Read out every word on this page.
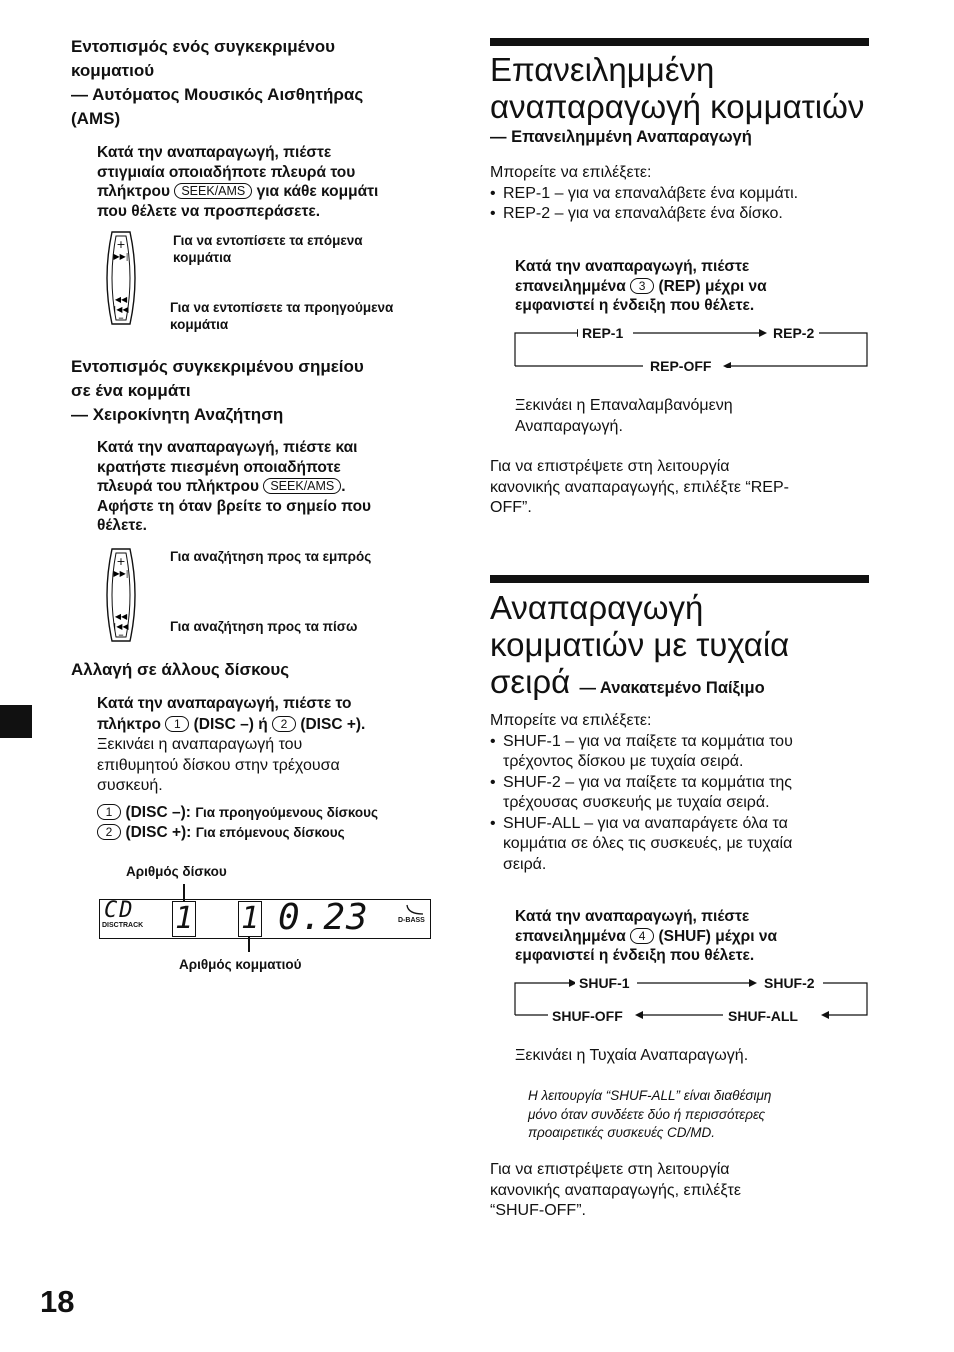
Εντοπισμός ενός συγκεκριμένου

κομματιού

— Αυτόματος Μουσικός Αισθητήρας

(AMS)

Κατά την αναπαραγωγή, πιέστε

στιγμιαία οποιαδήποτε πλευρά του

πλήκτρου SEEK/AMS για κάθε κομμάτι

που θέλετε να προσπεράσετε.

+
▶▶|
◀◀
|◀◀
–

Για να εντοπίσετε τα επόμενα

κομμάτια

Για να εντοπίσετε τα προηγούμενα

κομμάτια

Εντοπισμός συγκεκριμένου σημείου

σε ένα κομμάτι

— Χειροκίνητη Αναζήτηση

Κατά την αναπαραγωγή, πιέστε και

κρατήστε πιεσμένη οποιαδήποτε

πλευρά του πλήκτρου SEEK/AMS .

Αφήστε τη όταν βρείτε το σημείο που

θέλετε.

+
▶▶|
◀◀
|◀◀
–
Για αναζήτηση προς τα εμπρός
Για αναζήτηση προς τα πίσω
Αλλαγή σε άλλους δίσκους

Κατά την αναπαραγωγή, πιέστε το

πλήκτρο 1 (DISC –) ή 2 (DISC +).

Ξεκινάει η αναπαραγωγή του

επιθυμητού δίσκου στην τρέχουσα

συσκευή.

1 (DISC –): Για προηγούμενους δίσκους

2 (DISC +): Για επόμενους δίσκους

Αριθμός δίσκου
CD
DISCTRACK 1 1 0.23	D-BASS
Αριθμός κομματιού

Επανειλημμένη

αναπαραγωγή κομματιών

— Επανειλημμένη Αναπαραγωγή

Μπορείτε να επιλέξετε:

• REP-1 – για να επαναλάβετε ένα κομμάτι.
• REP-2 – για να επαναλάβετε ένα δίσκο.

Κατά την αναπαραγωγή, πιέστε

επανειλημμένα 3 (REP) μέχρι να

εμφανιστεί η ένδειξη που θέλετε.

REP-1	REP-2
REP-OFF

Ξεκινάει η Επαναλαμβανόμενη

Αναπαραγωγή.

Για να επιστρέψετε στη λειτουργία

κανονικής αναπαραγωγής, επιλέξτε “REP-

OFF”.

Αναπαραγωγή

κομματιών με τυχαία

σειρά — Ανακατεμένο Παίξιμο

Μπορείτε να επιλέξετε:

• SHUF-1 – για να παίξετε τα κομμάτια του

τρέχοντος δίσκου με τυχαία σειρά.

• SHUF-2 – για να παίξετε τα κομμάτια της

τρέχουσας συσκευής με τυχαία σειρά.

• SHUF-ALL – για να αναπαράγετε όλα τα

κομμάτια σε όλες τις συσκευές, με τυχαία

σειρά.

Κατά την αναπαραγωγή, πιέστε

επανειλημμένα 4 (SHUF) μέχρι να

εμφανιστεί η ένδειξη που θέλετε.

SHUF-1	SHUF-2
SHUF-OFF	SHUF-ALL
Ξεκινάει η Τυχαία Αναπαραγωγή.

Η λειτουργία “SHUF-ALL” είναι διαθέσιμη

μόνο όταν συνδέετε δύο ή περισσότερες

προαιρετικές συσκευές CD/MD.

Για να επιστρέψετε στη λειτουργία

κανονικής αναπαραγωγής, επιλέξτε

“SHUF-OFF”.

18
